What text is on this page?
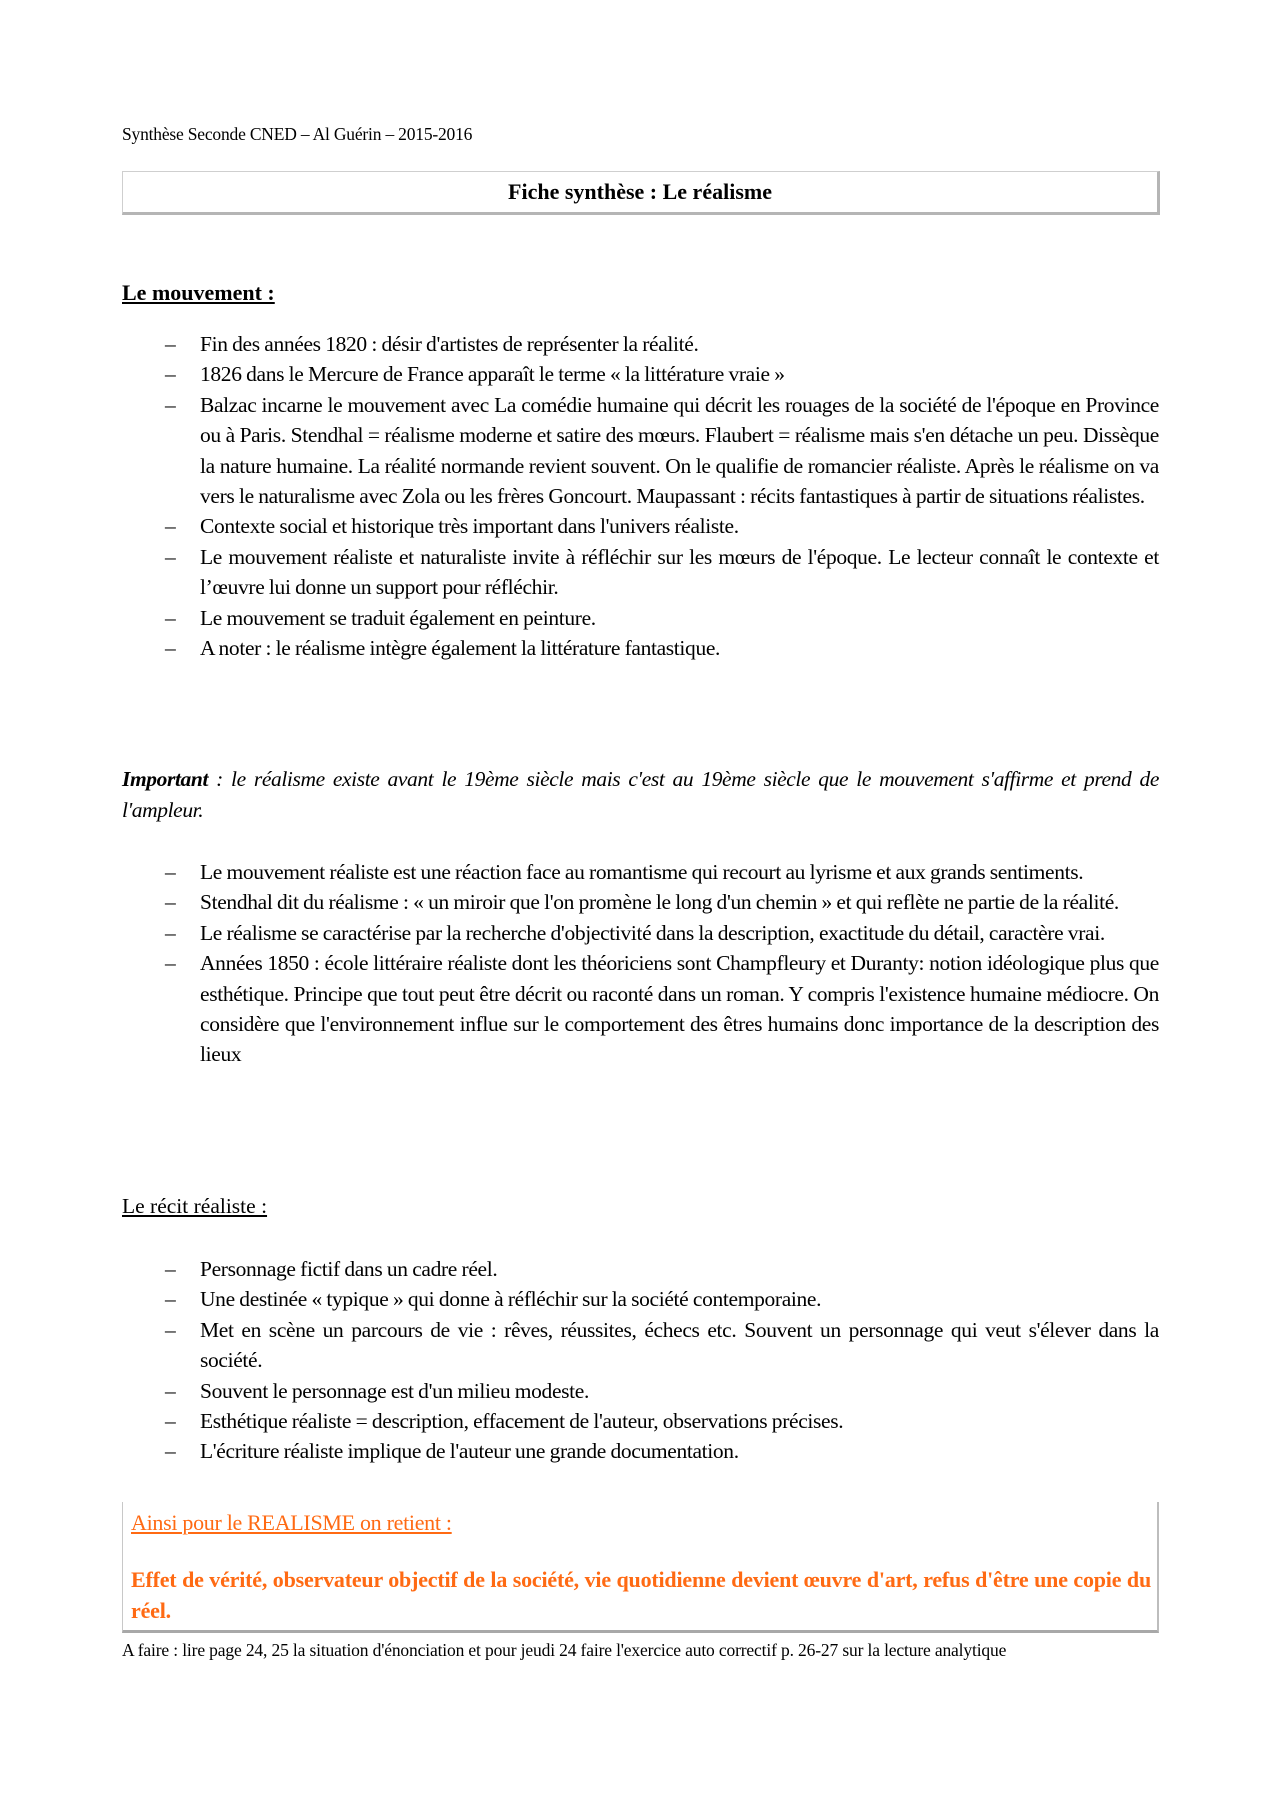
Synthèse Seconde CNED – Al Guérin – 2015-2016
Fiche synthèse : Le réalisme
Le mouvement :
– Fin des années 1820 : désir d'artistes de représenter la réalité.
– 1826 dans le Mercure de France apparaît le terme « la littérature vraie »
– Balzac incarne le mouvement avec La comédie humaine qui décrit les rouages de la société de l'époque en Province ou à Paris. Stendhal = réalisme moderne et satire des mœurs. Flaubert = réalisme mais s'en détache un peu. Dissèque la nature humaine. La réalité normande revient souvent. On le qualifie de romancier réaliste. Après le réalisme on va vers le naturalisme avec Zola ou les frères Goncourt. Maupassant : récits fantastiques à partir de situations réalistes.
– Contexte social et historique très important dans l'univers réaliste.
– Le mouvement réaliste et naturaliste invite à réfléchir sur les mœurs de l'époque. Le lecteur connaît le contexte et l’œuvre lui donne un support pour réfléchir.
– Le mouvement se traduit également en peinture.
– A noter : le réalisme intègre également la littérature fantastique.
Important : le réalisme existe avant le 19ème siècle mais c'est au 19ème siècle que le mouvement s'affirme et prend de l'ampleur.
– Le mouvement réaliste est une réaction face au romantisme qui recourt au lyrisme et aux grands sentiments.
– Stendhal dit du réalisme : « un miroir que l'on promène le long d'un chemin » et qui reflète ne partie de la réalité.
– Le réalisme se caractérise par la recherche d'objectivité dans la description, exactitude du détail, caractère vrai.
– Années 1850 : école littéraire réaliste dont les théoriciens sont Champfleury et Duranty: notion idéologique plus que esthétique. Principe que tout peut être décrit ou raconté dans un roman. Y compris l'existence humaine médiocre. On considère que l'environnement influe sur le comportement des êtres humains donc importance de la description des lieux
Le récit réaliste :
– Personnage fictif dans un cadre réel.
– Une destinée « typique » qui donne à réfléchir sur la société contemporaine.
– Met en scène un parcours de vie : rêves, réussites, échecs etc. Souvent un personnage qui veut s'élever dans la société.
– Souvent le personnage est d'un milieu modeste.
– Esthétique réaliste = description, effacement de l'auteur, observations précises.
– L'écriture réaliste implique de l'auteur une grande documentation.
Ainsi pour le REALISME on retient :
Effet de vérité, observateur objectif de la société, vie quotidienne devient œuvre d'art, refus d'être une copie du réel.
A faire : lire page 24, 25 la situation d'énonciation et pour jeudi 24 faire l'exercice auto correctif p. 26-27 sur la lecture analytique
